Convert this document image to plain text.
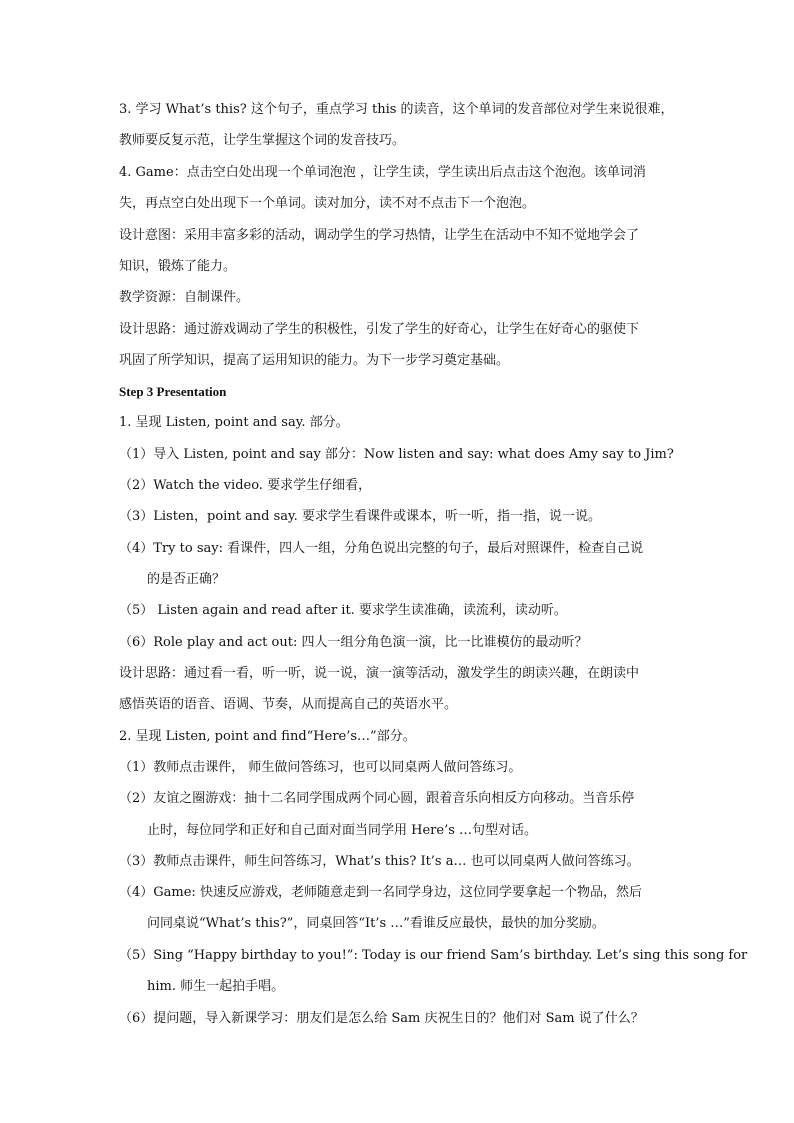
3. 学习 What’s this? 这个句子，重点学习 this 的读音，这个单词的发音部位对学生来说很难，
教师要反复示范，让学生掌握这个词的发音技巧。
4. Game：点击空白处出现一个单词泡泡 ，让学生读，学生读出后点击这个泡泡。该单词消
失，再点空白处出现下一个单词。读对加分，读不对不点击下一个泡泡。
设计意图：采用丰富多彩的活动，调动学生的学习热情，让学生在活动中不知不觉地学会了
知识，锻炼了能力。
教学资源：自制课件。
设计思路：通过游戏调动了学生的积极性，引发了学生的好奇心，让学生在好奇心的驱使下
巩固了所学知识，提高了运用知识的能力。为下一步学习奠定基础。
Step 3 Presentation
1. 呈现 Listen, point and say. 部分。
（1）导入 Listen, point and say 部分：Now listen and say: what does Amy say to Jim?
（2）Watch the video. 要求学生仔细看，
（3）Listen，point and say. 要求学生看课件或课本，听一听，指一指，说一说。
（4）Try to say: 看课件，四人一组，分角色说出完整的句子，最后对照课件，检查自己说
的是否正确？
（5） Listen again and read after it. 要求学生读准确，读流利，读动听。
（6）Role play and act out: 四人一组分角色演一演，比一比谁模仿的最动听？
设计思路：通过看一看，听一听，说一说，演一演等活动，激发学生的朗读兴趣，在朗读中
感悟英语的语音、语调、节奏，从而提高自己的英语水平。
2. 呈现 Listen, point and find“Here’s…”部分。
（1）教师点击课件， 师生做问答练习，也可以同桌两人做问答练习。
（2）友谊之圈游戏：抽十二名同学围成两个同心圆，跟着音乐向相反方向移动。当音乐停
止时，每位同学和正好和自己面对面当同学用 Here’s …句型对话。
（3）教师点击课件，师生问答练习，What’s this? It’s a… 也可以同桌两人做问答练习。
（4）Game: 快速反应游戏，老师随意走到一名同学身边，这位同学要拿起一个物品，然后
问同桌说“What’s this?”，同桌回答“It’s …”看谁反应最快，最快的加分奖励。
（5）Sing “Happy birthday to you!”: Today is our friend Sam’s birthday. Let’s sing this song for
him. 师生一起拍手唱。
（6）提问题，导入新课学习：朋友们是怎么给 Sam 庆祝生日的？他们对 Sam 说了什么？
